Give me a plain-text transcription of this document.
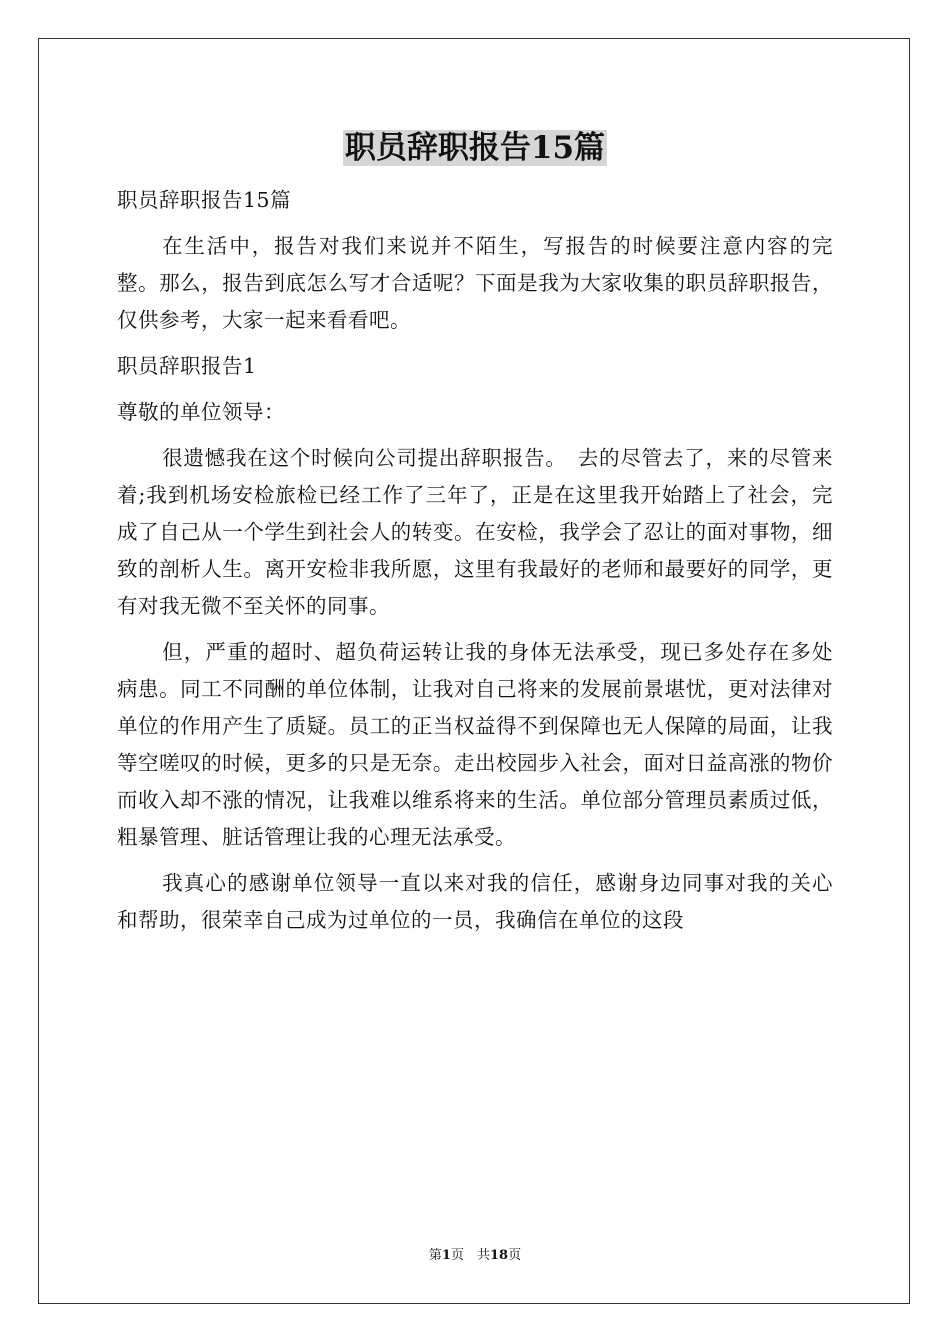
职员辞职报告15篇

职员辞职报告15篇

在生活中，报告对我们来说并不陌生，写报告的时候要注意内容的完整。那么，报告到底怎么写才合适呢？下面是我为大家收集的职员辞职报告，仅供参考，大家一起来看看吧。

职员辞职报告1

尊敬的单位领导：

很遗憾我在这个时候向公司提出辞职报告。　去的尽管去了，来的尽管来着;我到机场安检旅检已经工作了三年了，正是在这里我开始踏上了社会，完成了自己从一个学生到社会人的转变。在安检，我学会了忍让的面对事物，细致的剖析人生。离开安检非我所愿，这里有我最好的老师和最要好的同学，更有对我无微不至关怀的同事。

但，严重的超时、超负荷运转让我的身体无法承受，现已多处存在多处病患。同工不同酬的单位体制，让我对自己将来的发展前景堪忧，更对法律对单位的作用产生了质疑。员工的正当权益得不到保障也无人保障的局面，让我等空嗟叹的时候，更多的只是无奈。走出校园步入社会，面对日益高涨的物价而收入却不涨的情况，让我难以维系将来的生活。单位部分管理员素质过低，粗暴管理、脏话管理让我的心理无法承受。

我真心的感谢单位领导一直以来对我的信任，感谢身边同事对我的关心和帮助，很荣幸自己成为过单位的一员，我确信在单位的这段

第1页　共18页
